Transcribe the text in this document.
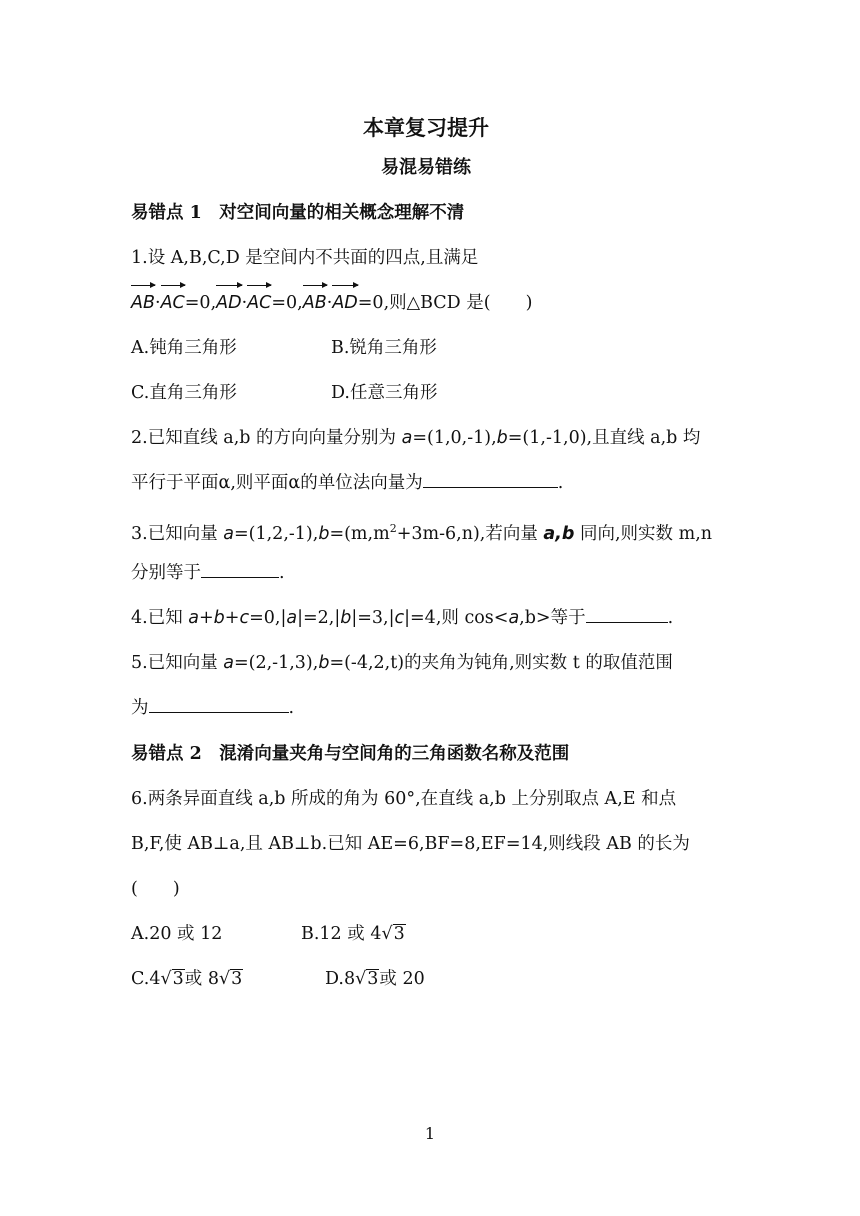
本章复习提升
易混易错练
易错点 1　对空间向量的相关概念理解不清
1.设 A,B,C,D 是空间内不共面的四点,且满足
AB·AC=0,AD·AC=0,AB·AD=0,则△BCD 是(　　)
A.钝角三角形	B.锐角三角形
C.直角三角形	D.任意三角形
2.已知直线 a,b 的方向向量分别为 a=(1,0,-1),b=(1,-1,0),且直线 a,b 均
平行于平面α,则平面α的单位法向量为	.
3.已知向量 $a=(1,2,-1),b=(m,m^2+3m-6,n)$,若向量 a,b 同向,则实数 m,n
分别等于	.
4.已知 a+b+c=0,|a|=2,|b|=3,|c|=4,则 cos<a,b>等于	.
5.已知向量 a=(2,-1,3),b=(-4,2,t)的夹角为钝角,则实数 t 的取值范围
为	.
易错点 2　混淆向量夹角与空间角的三角函数名称及范围
6.两条异面直线 a,b 所成的角为 60°,在直线 a,b 上分别取点 A,E 和点
B,F,使 AB⊥a,且 AB⊥b.已知 AE=6,BF=8,EF=14,则线段 AB 的长为
(　　)
A.20 或 12	B.12 或 4√3
C.4√3或 8√3	D.8√3或 20
1
